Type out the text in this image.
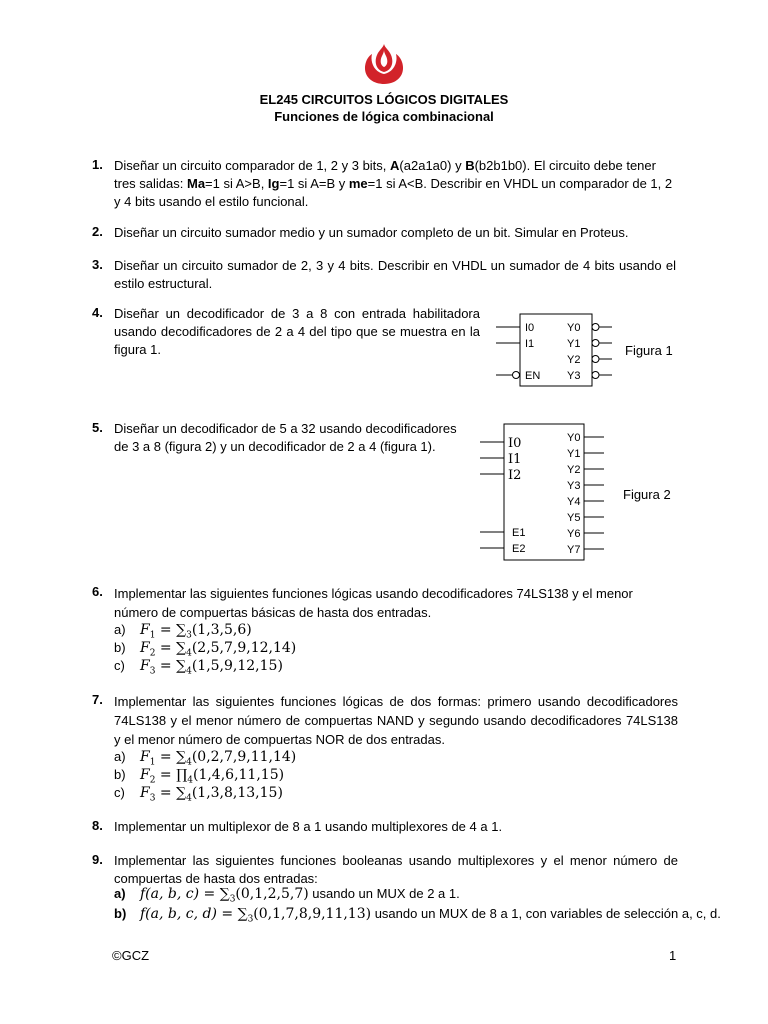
EL245 CIRCUITOS LÓGICOS DIGITALES
Funciones de lógica combinacional
1. Diseñar un circuito comparador de 1, 2 y 3 bits, A(a2a1a0) y B(b2b1b0). El circuito debe tener tres salidas: Ma=1 si A>B, Ig=1 si A=B y me=1 si A<B. Describir en VHDL un comparador de 1, 2 y 4 bits usando el estilo funcional.
2. Diseñar un circuito sumador medio y un sumador completo de un bit. Simular en Proteus.
3. Diseñar un circuito sumador de 2, 3 y 4 bits. Describir en VHDL un sumador de 4 bits usando el estilo estructural.
4. Diseñar un decodificador de 3 a 8 con entrada habilitadora usando decodificadores de 2 a 4 del tipo que se muestra en la figura 1.
I0
I1
EN
Y0
Y1
Y2
Y3
Figura 1
5. Diseñar un decodificador de 5 a 32 usando decodificadores de 3 a 8 (figura 2) y un decodificador de 2 a 4 (figura 1).	I0
I1
I2
E1
E2
Y0
Y1
Y2
Y3
Y4
Y5
Y6
Y7
Figura 2
6. Implementar las siguientes funciones lógicas usando decodificadores 74LS138 y el menor número de compuertas básicas de hasta dos entradas.
a) $F_1 = \sum_3(1,3,5,6)$
b) $F_2 = \sum_4(2,5,7,9,12,14)$
c) $F_3 = \sum_4(1,5,9,12,15)$
7. Implementar las siguientes funciones lógicas de dos formas: primero usando decodificadores 74LS138 y el menor número de compuertas NAND y segundo usando decodificadores 74LS138 y el menor número de compuertas NOR de dos entradas.
a) $F_1 = \sum_4(0,2,7,9,11,14)$
b) $F_2$ = $\prod_4(1,4,6,11,15)$
c) $F_3 = \sum_4(1,3,8,13,15)$
8. Implementar un multiplexor de 8 a 1 usando multiplexores de 4 a 1.
9. Implementar las siguientes funciones booleanas usando multiplexores y el menor número de compuertas de hasta dos entradas:
a) f(a, b, $c) = \sum_3(0,1,2,5,7)$ usando un MUX de 2 a 1.
b) f(a, b, c, $d) = \sum_3(0,1,7,8,9,11,13)$ usando un MUX de 8 a 1, con variables de selección a, c, d.
©GCZ	1
